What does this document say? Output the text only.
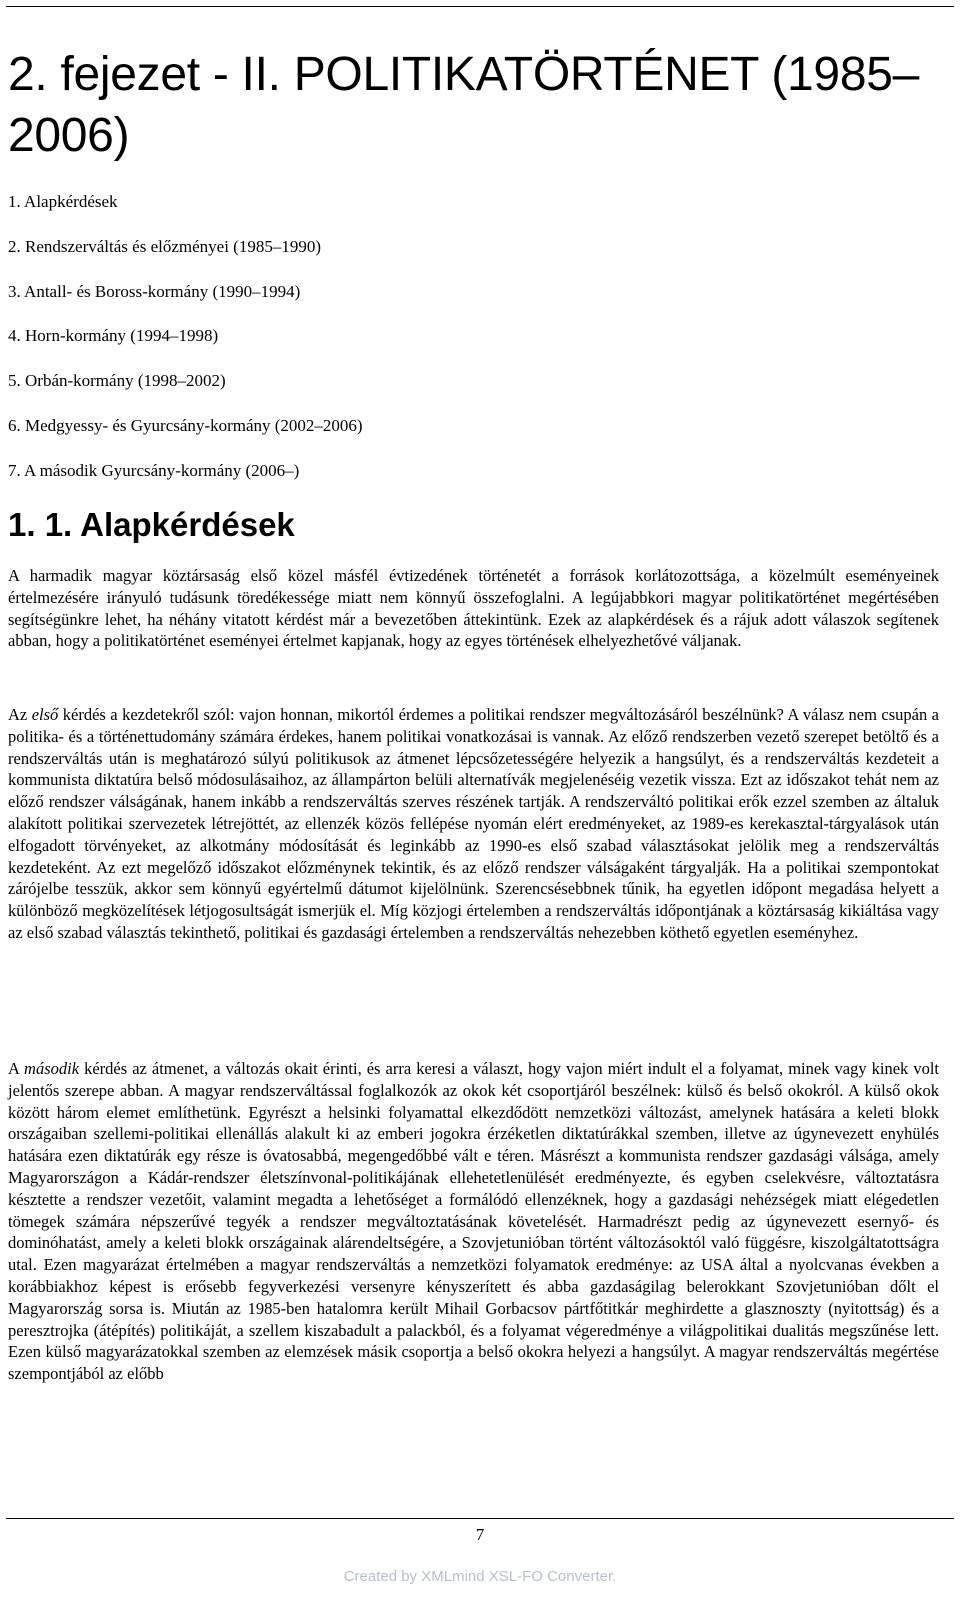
2. fejezet - II. POLITIKATÖRTÉNET (1985–2006)
1. Alapkérdések
2. Rendszerváltás és előzményei (1985–1990)
3. Antall- és Boross-kormány (1990–1994)
4. Horn-kormány (1994–1998)
5. Orbán-kormány (1998–2002)
6. Medgyessy- és Gyurcsány-kormány (2002–2006)
7. A második Gyurcsány-kormány (2006–)
1. 1. Alapkérdések

A harmadik magyar köztársaság első közel másfél évtizedének történetét a források korlátozottsága, a közelmúlt eseményeinek értelmezésére irányuló tudásunk töredékessége miatt nem könnyű összefoglalni. A legújabbkori magyar politikatörténet megértésében segítségünkre lehet, ha néhány vitatott kérdést már a bevezetőben áttekintünk. Ezek az alapkérdések és a rájuk adott válaszok segítenek abban, hogy a politikatörténet eseményei értelmet kapjanak, hogy az egyes történések elhelyezhetővé váljanak.

Az első kérdés a kezdetekről szól: vajon honnan, mikortól érdemes a politikai rendszer megváltozásáról beszélnünk? A válasz nem csupán a politika- és a történettudomány számára érdekes, hanem politikai vonatkozásai is vannak. Az előző rendszerben vezető szerepet betöltő és a rendszerváltás után is meghatározó súlyú politikusok az átmenet lépcsőzetességére helyezik a hangsúlyt, és a rendszerváltás kezdeteit a kommunista diktatúra belső módosulásaihoz, az állampárton belüli alternatívák megjelenéséig vezetik vissza. Ezt az időszakot tehát nem az előző rendszer válságának, hanem inkább a rendszerváltás szerves részének tartják. A rendszerváltó politikai erők ezzel szemben az általuk alakított politikai szervezetek létrejöttét, az ellenzék közös fellépése nyomán elért eredményeket, az 1989-es kerekasztal-tárgyalások után elfogadott törvényeket, az alkotmány módosítását és leginkább az 1990-es első szabad választásokat jelölik meg a rendszerváltás kezdeteként. Az ezt megelőző időszakot előzménynek tekintik, és az előző rendszer válságaként tárgyalják. Ha a politikai szempontokat zárójelbe tesszük, akkor sem könnyű egyértelmű dátumot kijelölnünk. Szerencsésebbnek tűnik, ha egyetlen időpont megadása helyett a különböző megközelítések létjogosultságát ismerjük el. Míg közjogi értelemben a rendszerváltás időpontjának a köztársaság kikiáltása vagy az első szabad választás tekinthető, politikai és gazdasági értelemben a rendszerváltás nehezebben köthető egyetlen eseményhez.

A második kérdés az átmenet, a változás okait érinti, és arra keresi a választ, hogy vajon miért indult el a folyamat, minek vagy kinek volt jelentős szerepe abban. A magyar rendszerváltással foglalkozók az okok két csoportjáról beszélnek: külső és belső okokról. A külső okok között három elemet említhetünk. Egyrészt a helsinki folyamattal elkezdődött nemzetközi változást, amelynek hatására a keleti blokk országaiban szellemi-politikai ellenállás alakult ki az emberi jogokra érzéketlen diktatúrákkal szemben, illetve az úgynevezett enyhülés hatására ezen diktatúrák egy része is óvatosabbá, megengedőbbé vált e téren. Másrészt a kommunista rendszer gazdasági válsága, amely Magyarországon a Kádár-rendszer életszínvonal-politikájának ellehetetlenülését eredményezte, és egyben cselekvésre, változtatásra késztette a rendszer vezetőit, valamint megadta a lehetőséget a formálódó ellenzéknek, hogy a gazdasági nehézségek miatt elégedetlen tömegek számára népszerűvé tegyék a rendszer megváltoztatásának követelését. Harmadrészt pedig az úgynevezett esernyő- és dominóhatást, amely a keleti blokk országainak alárendeltségére, a Szovjetunióban történt változásoktól való függésre, kiszolgáltatottságra utal. Ezen magyarázat értelmében a magyar rendszerváltás a nemzetközi folyamatok eredménye: az USA által a nyolcvanas években a korábbiakhoz képest is erősebb fegyverkezési versenyre kényszerített és abba gazdaságilag belerokkant Szovjetunióban dőlt el Magyarország sorsa is. Miután az 1985-ben hatalomra került Mihail Gorbacsov pártfőtitkár meghirdette a glasznoszty (nyitottság) és a peresztrojka (átépítés) politikáját, a szellem kiszabadult a palackból, és a folyamat végeredménye a világpolitikai dualitás megszűnése lett. Ezen külső magyarázatokkal szemben az elemzések másik csoportja a belső okokra helyezi a hangsúlyt. A magyar rendszerváltás megértése szempontjából az előbb

7
Created by XMLmind XSL-FO Converter.
